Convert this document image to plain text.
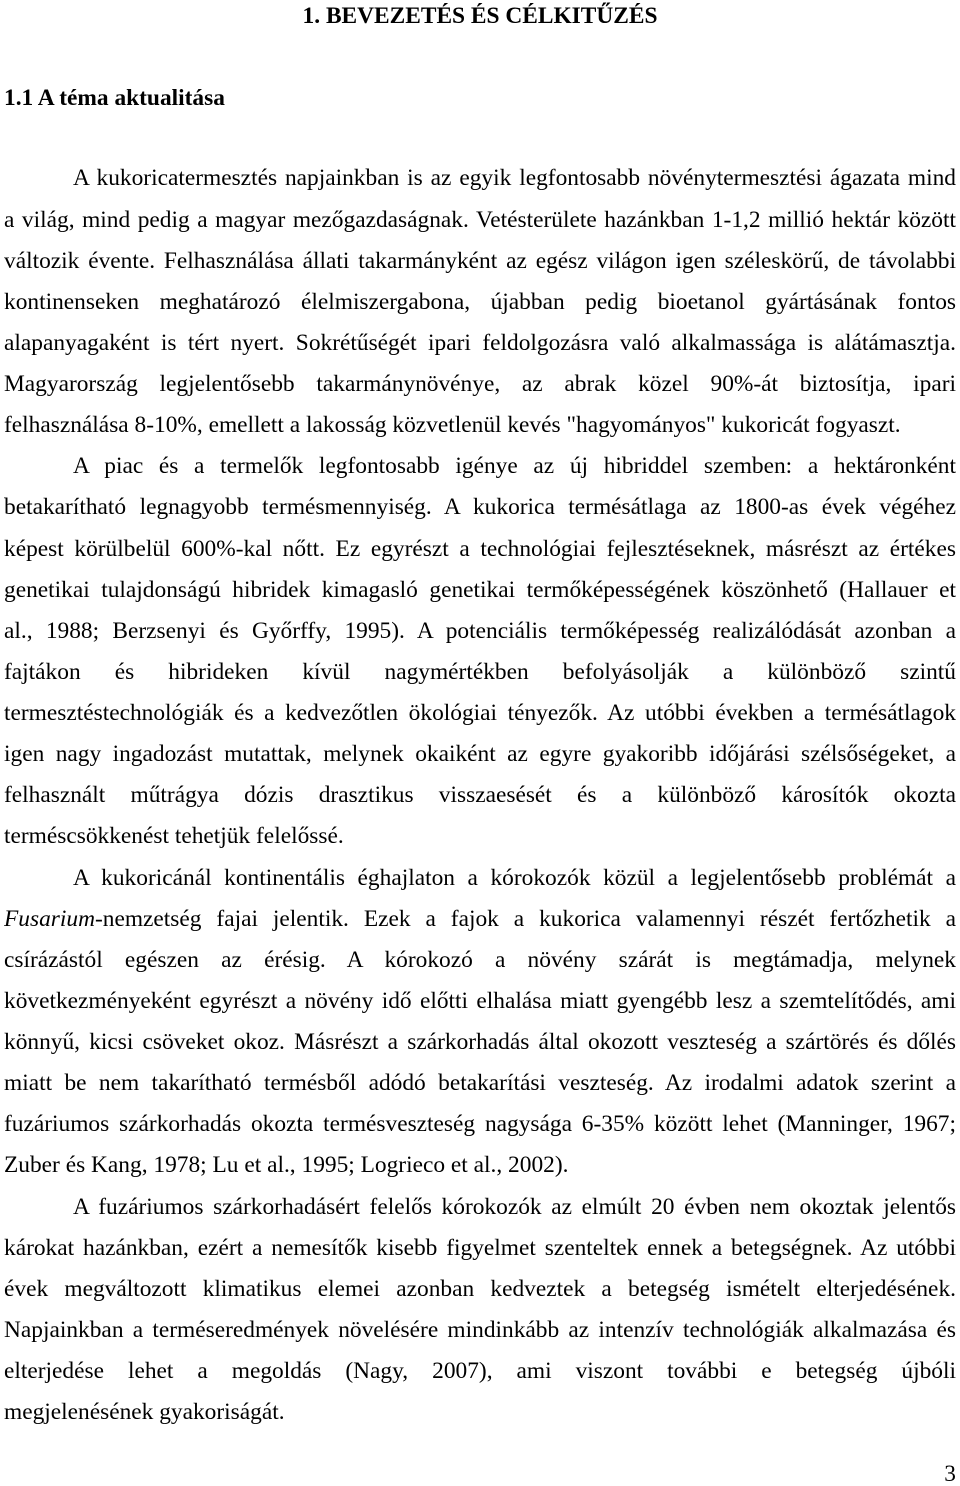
1. BEVEZETÉS ÉS CÉLKITŰZÉS
1.1 A téma aktualitása
A kukoricatermesztés napjainkban is az egyik legfontosabb növénytermesztési ágazata mind
a világ, mind pedig a magyar mezőgazdaságnak. Vetésterülete hazánkban 1-1,2 millió hektár között
változik évente. Felhasználása állati takarmányként az egész világon igen széleskörű, de távolabbi
kontinenseken meghatározó élelmiszergabona, újabban pedig bioetanol gyártásának fontos
alapanyagaként is tért nyert. Sokrétűségét ipari feldolgozásra való alkalmassága is alátámasztja.
Magyarország legjelentősebb takarmánynövénye, az abrak közel 90%-át biztosítja, ipari
felhasználása 8-10%, emellett a lakosság közvetlenül kevés "hagyományos" kukoricát fogyaszt.
A piac és a termelők legfontosabb igénye az új hibriddel szemben: a hektáronként
betakarítható legnagyobb termésmennyiség. A kukorica termésátlaga az 1800-as évek végéhez
képest körülbelül 600%-kal nőtt. Ez egyrészt a technológiai fejlesztéseknek, másrészt az értékes
genetikai tulajdonságú hibridek kimagasló genetikai termőképességének köszönhető (Hallauer et
al., 1988; Berzsenyi és Győrffy, 1995). A potenciális termőképesség realizálódását azonban a
fajtákon és hibrideken kívül nagymértékben befolyásolják a különböző szintű
termesztéstechnológiák és a kedvezőtlen ökológiai tényezők. Az utóbbi években a termésátlagok
igen nagy ingadozást mutattak, melynek okaiként az egyre gyakoribb időjárási szélsőségeket, a
felhasznált műtrágya dózis drasztikus visszaesését és a különböző károsítók okozta
terméscsökkenést tehetjük felelőssé.
A kukoricánál kontinentális éghajlaton a kórokozók közül a legjelentősebb problémát a
Fusarium-nemzetség fajai jelentik. Ezek a fajok a kukorica valamennyi részét fertőzhetik a
csírázástól egészen az érésig. A kórokozó a növény szárát is megtámadja, melynek
következményeként egyrészt a növény idő előtti elhalása miatt gyengébb lesz a szemtelítődés, ami
könnyű, kicsi csöveket okoz. Másrészt a szárkorhadás által okozott veszteség a szártörés és dőlés
miatt be nem takarítható termésből adódó betakarítási veszteség. Az irodalmi adatok szerint a
fuzáriumos szárkorhadás okozta termésveszteség nagysága 6-35% között lehet (Manninger, 1967;
Zuber és Kang, 1978; Lu et al., 1995; Logrieco et al., 2002).
A fuzáriumos szárkorhadásért felelős kórokozók az elmúlt 20 évben nem okoztak jelentős
károkat hazánkban, ezért a nemesítők kisebb figyelmet szenteltek ennek a betegségnek. Az utóbbi
évek megváltozott klimatikus elemei azonban kedveztek a betegség ismételt elterjedésének.
Napjainkban a terméseredmények növelésére mindinkább az intenzív technológiák alkalmazása és
elterjedése lehet a megoldás (Nagy, 2007), ami viszont további e betegség újbóli
megjelenésének gyakoriságát.
3
